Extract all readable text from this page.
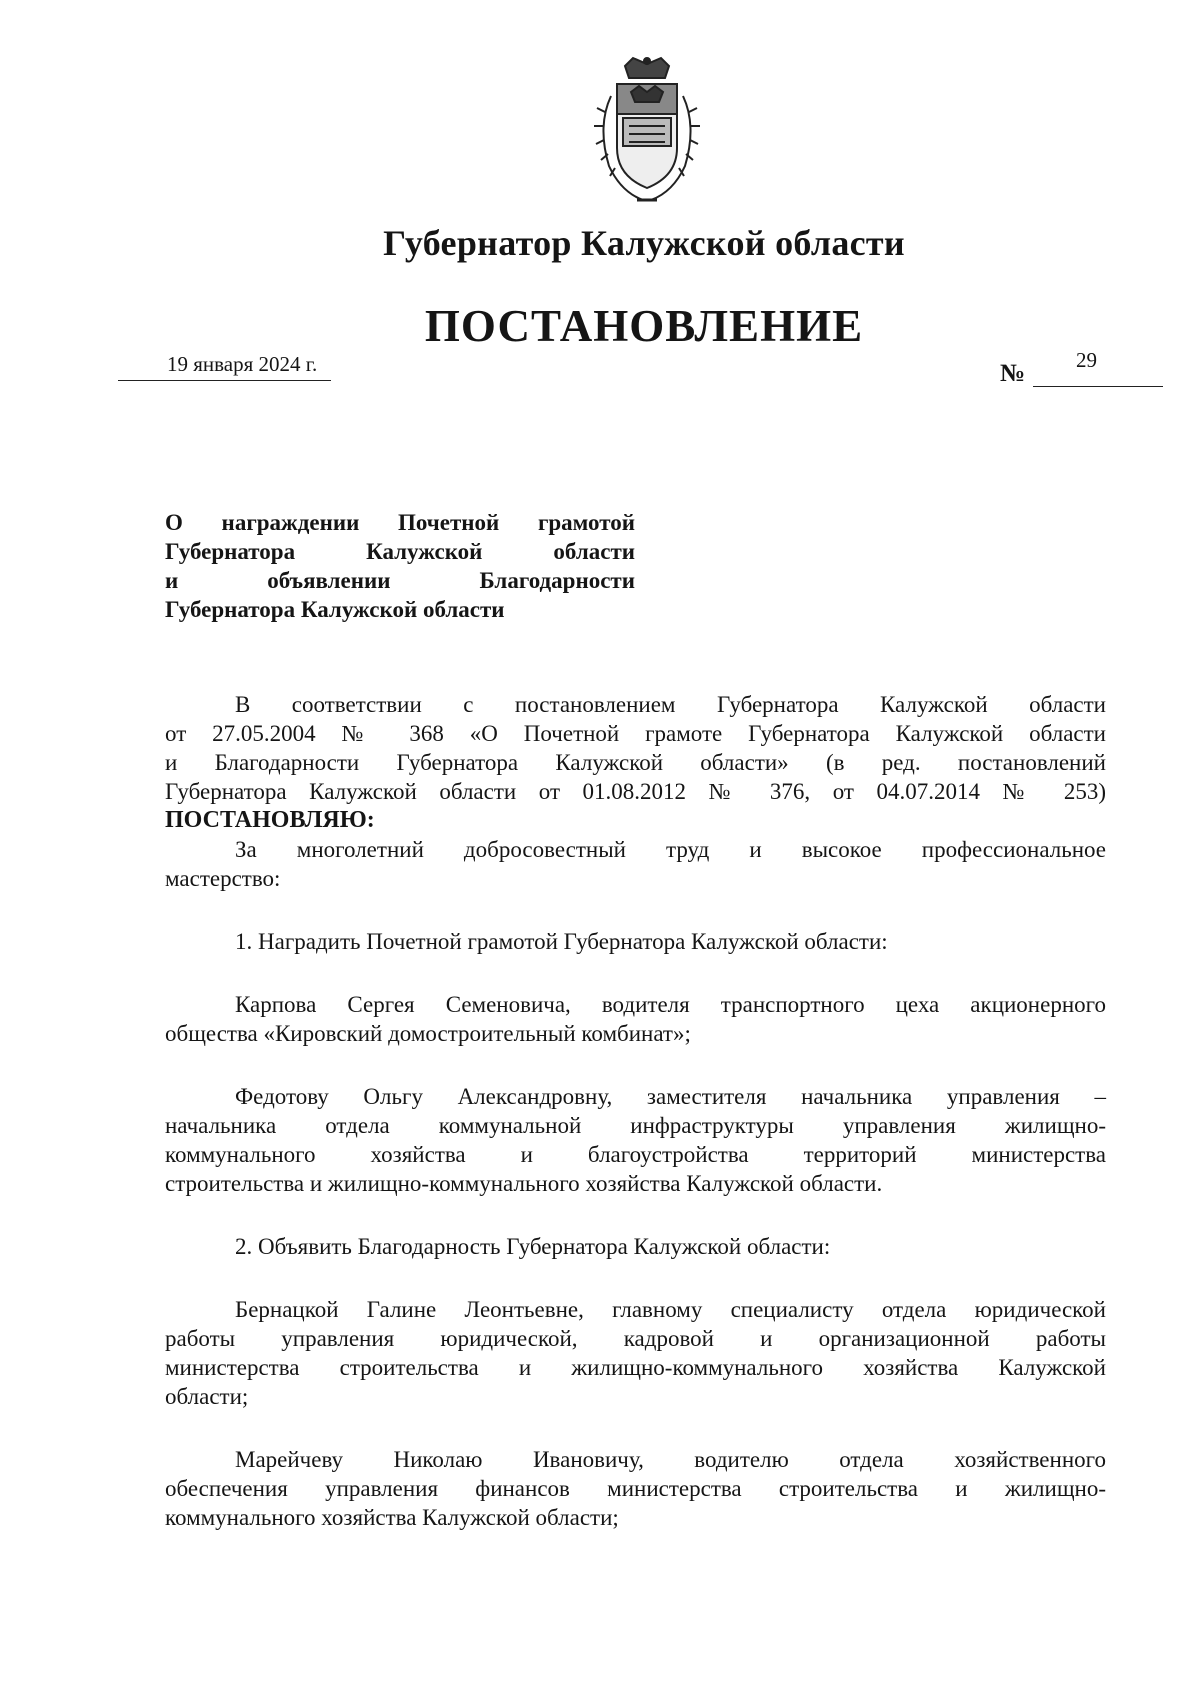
Губернатор Калужской области
ПОСТАНОВЛЕНИЕ
19 января 2024 г.	№ 29
О награждении Почетной грамотой
Губернатора Калужской области
и объявлении Благодарности
Губернатора Калужской области
В соответствии с постановлением Губернатора Калужской области
от 27.05.2004 № 368 «О Почетной грамоте Губернатора Калужской области
и Благодарности Губернатора Калужской области» (в ред. постановлений
Губернатора Калужской области от 01.08.2012 № 376, от 04.07.2014 № 253)
ПОСТАНОВЛЯЮ:
За многолетний добросовестный труд и высокое профессиональное
мастерство:
1. Наградить Почетной грамотой Губернатора Калужской области:
Карпова Сергея Семеновича, водителя транспортного цеха акционерного
общества «Кировский домостроительный комбинат»;
Федотову Ольгу Александровну, заместителя начальника управления –
начальника отдела коммунальной инфраструктуры управления жилищно-
коммунального хозяйства и благоустройства территорий министерства
строительства и жилищно-коммунального хозяйства Калужской области.
2. Объявить Благодарность Губернатора Калужской области:
Бернацкой Галине Леонтьевне, главному специалисту отдела юридической
работы управления юридической, кадровой и организационной работы
министерства строительства и жилищно-коммунального хозяйства Калужской
области;
Марейчеву Николаю Ивановичу, водителю отдела хозяйственного
обеспечения управления финансов министерства строительства и жилищно-
коммунального хозяйства Калужской области;
